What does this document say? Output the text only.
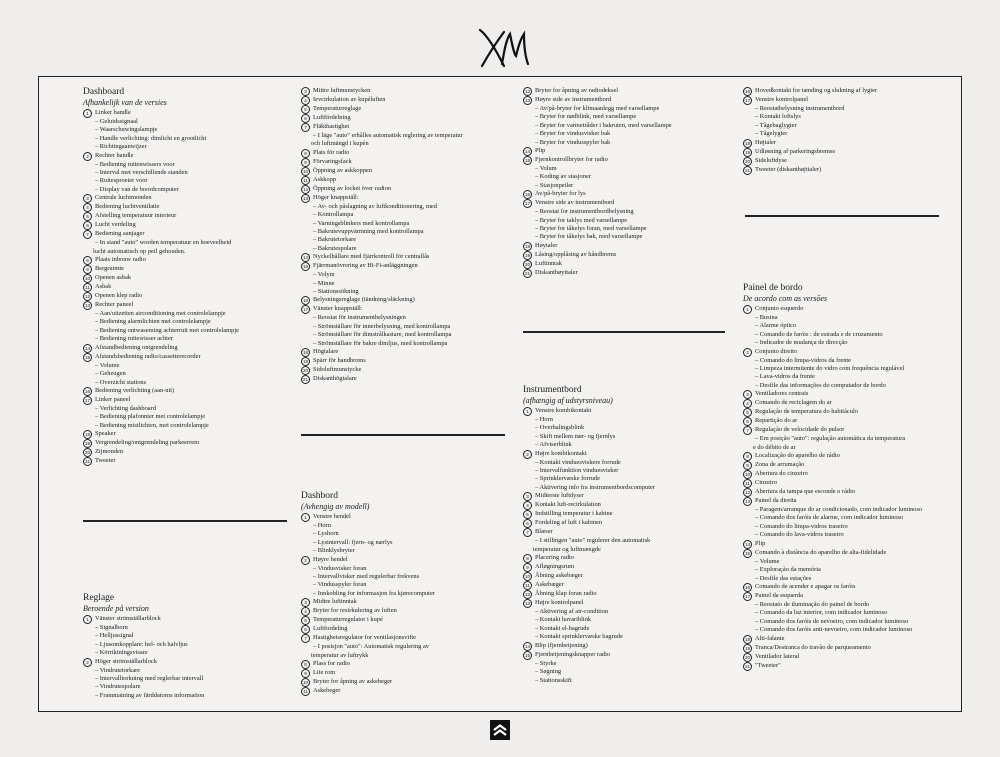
Dashboard
Afhankelijk van de versies
1 Linker handle
– Geluidssignaal
– Waarschuwingslampje
– Handle verlichting: dimlicht en grootlicht
– Richtingaanwijzer
2 Rechter handle
– Bediening ruitenwissers voor
– Interval met verschillende standen
– Ruitesproeier voor
– Display van de boordcomputer
3 Centrale luchtmonden
4 Bediening luchtventilatie
5 Afstelling temperatuur interieur
6 Lucht verdeling
7 Bediening aanjager
– In stand "auto" worden temperatuur en hoeveelheid
lucht automatisch op peil gehouden.
8 Plaats inbouw radio
9 Bergruimte
10 Openen asbak
11 Asbak
12 Openen klep radio
13 Rechter paneel
– Aan/uitzetten airconditioning met controlelampje
– Bediening alarmlichten met controlelampje
– Bediening ontwaseming achterruit met controlelampje
– Bediening ruitewisser achter
14 Afstandbediening ontgrendeling
15 Afstandsbediening radio/cassetterecorder
– Volume
– Geheugen
– Overzicht stations
16 Bediening verlichting (aan-uit)
17 Linker paneel
– Verlichting dashboard
– Bediening plafonnier met controlelampje
– Bediening mistlichten, met controlelampje
18 Speaker
19 Vergrendeling/ontgrendeling parkeerrem
20 Zijmonden
21 Tweeter
Reglage
Beroende på version
1 Vänster strömställarblock
– Signalhorn
– Helljussignal
– Ljusomkopplare: hel- och halvljus
– Körriktningsvisare
2 Höger strömställarblock
– Vindrutetorkare
– Intervalltorkning med reglerbar intervall
– Vindrutespolare
– Frammatning av färddatorns information
3 Mittre luftmunstycken
4 Ievcirkulation av kupéluften
5 Temperaturreglage
6 Luftfördelning
7 Fläkthastighet
– I läge "auto" erhålles automatisk reglering av temperatur
och luftmängd i kupén
8 Plats för radio
9 Förvaringsfack
10 Öppning av askkoppen
11 Askkopp
12 Öppning av locket över radion
13 Höger knappställ:
– Av- och påslagning av luftkonditionering, med
– Kontrollampa
– Varningsblinkers med kontrollampa
– Bakrutevuppvärmning med kontrollampa
– Bakrutetorkare
– Bakrutespolare
14 Nyckelhållare med fjärrkontroll för centrallås
15 Fjärrmanövrering av Hi-Fi-anläggningen
– Volym
– Minne
– Stationssökning
16 Belysningsreglage (tändning/släckning)
17 Vänster knappställ:
– Reostat för instrumentbelysningen
– Strömställare för innerbelysning, med kontrollampa
– Strömställare för dimstrålkastare, med kontrollampa
– Strömställare för bakre dimljus, med kontrollampa
18 Högtalare
19 Spärr för handbroms
20 Sidoluftmunstycke
21 Diskanthögtalare
Dashbord
(Avhengig av modell)
1 Venstre hendel
– Horn
– Lyshorn
– Lysintervall: fjern- og nærlys
– Blinklysbryter
2 Høyre hendel
– Vindusvisker foran
– Intervallvisker med regulerbar frekvens
– Vindusspyler foran
– Innkobling for informasjon fra kjørecomputer
3 Midtre luftinntak
4 Bryter for resirkulering av luften
5 Temperaturregulator i kupé
6 Luftfordeling
7 Hastighetsregulator for ventilasjonsvifte
– I posisjon "auto": Automatisk regulering av
temperatur av luftrykk
8 Plass for radio
9 Lite rom
10 Bryter for åpning av askebeger
11 Askebeger
12 Bryter for åpning av radiodeksel
13 Høyre side av instrumentbord
– Av/på-bryter for klimaanlegg med varsellampe
– Bryter for nødblink, med varsellampe
– Bryter for varmetråder i bakruten, med varsellampe
– Bryter for vindusvisker bak
– Bryter for vindusspyler bak
14 Plip
15 Fjernkontrollbryter for radio
– Volum
– Koding av stasjoner
– Stasjonpeiler
16 Av/på-bryter for lys
17 Venstre side av instrumentbord
– Reostat for instrumentbordbelysning
– Bryter for taklys med varsellampe
– Bryter for tåkelys foran, med varsellampe
– Bryter for tåkelys bak, med varsellampe
18 Høytaler
19 Låsing/opplåsing av håndbrems
20 Luftinntak
21 Diskanthøyttaler
Instrumentbord
(afhængig af udstyrsniveau)
1 Venstre kombikontakt
– Horn
– Overhalingsblink
– Skift mellem nær- og fjernlys
– Afviserblink
2 Højre kombikontakt
– Kontakt vinduesviskere forrude
– Intervalfunktion vinduesvisker
– Sprinklervæske forrude
– Aktivering info fra instrumentbordscomputer
3 Midterste luftdyser
4 Kontakt luft-recirkulation
5 Indstilling temperatur i kabine
6 Fordeling af luft i kabinen
7 Blæser
– I stillingen "auto" regulerer den automatisk
temperatur og luftmængde
8 Placering radio
9 Afløgningsrum
10 Åbning askebæger
11 Askebæger
12 Åbning klap foran radio
13 Højre kontrolpanel
– Aktivering af air-condition
– Kontakt havariblink
– Kontakt el-bagrude
– Kontakt sprinklervæske bagrude
14 Blip (fjernbetjening)
15 Fjernbetjeningsknapper radio
– Styrke
– Søgning
– Stationsskift
16 Hovedkontakt for tænding og slukning af lygter
17 Venstre kontrolpanel
– Reostatbelysning instrumentbord
– Kontakt loftslys
– Tågebaglygter
– Tågelygter
18 Højtaler
19 Udløsning af parkeringsbremse
20 Sideluftdyse
21 Tweeter (diskanthøjttaler)
Painel de bordo
De acordo com as versões
1 Conjunto esquerdo
– Busina
– Alarme óptico
– Comando de faróis : de estrada e de cruzamento
– Indicador de mudança de direcção
2 Conjunto direito
– Comando do limpa-vidros da frente
– Limpeza intermitente do vidro com frequência regulável
– Lava-vidros da frente
– Desfile das informações do computador de bordo
3 Ventiladores centrais
4 Comando de reciclagem do ar
5 Regulação de temperatura do habitáculo
6 Repartição do ar
7 Regulação de velocidade do pulsor
– Em posição "auto": regulação automática da temperatura
e do débito de ar
8 Localização do aparelho de rádio
9 Zona de arrumação
10 Abertura do cinzeiro
11 Cinzeiro
12 Abertura da tampa que esconde o rádio
13 Painel da direita
– Paragem/arranque do ar condicionado, com indicador luminoso
– Comando dos faróis de alarme, com indicador luminoso
– Comando do limpa-vidros traseiro
– Comando do lava-vidros traseiro
14 Plip
15 Comando à distância do aparelho de alta-fidelidade
– Volume
– Exploração da memória
– Desfile das estações
16 Comando de acender e apagar os faróis
17 Painel da esquerda
– Reostato de iluminação do painel de bordo
– Comando da luz interior, com indicador luminoso
– Comando dos faróis de nevoeiro, com indicador luminoso
– Comando dos faróis anti-nevoeiro, com indicador luminoso
18 Alti-falante
19 Tranca/Destranca do travão de parqueamento
20 Ventilador lateral
21 "Tweeter"
